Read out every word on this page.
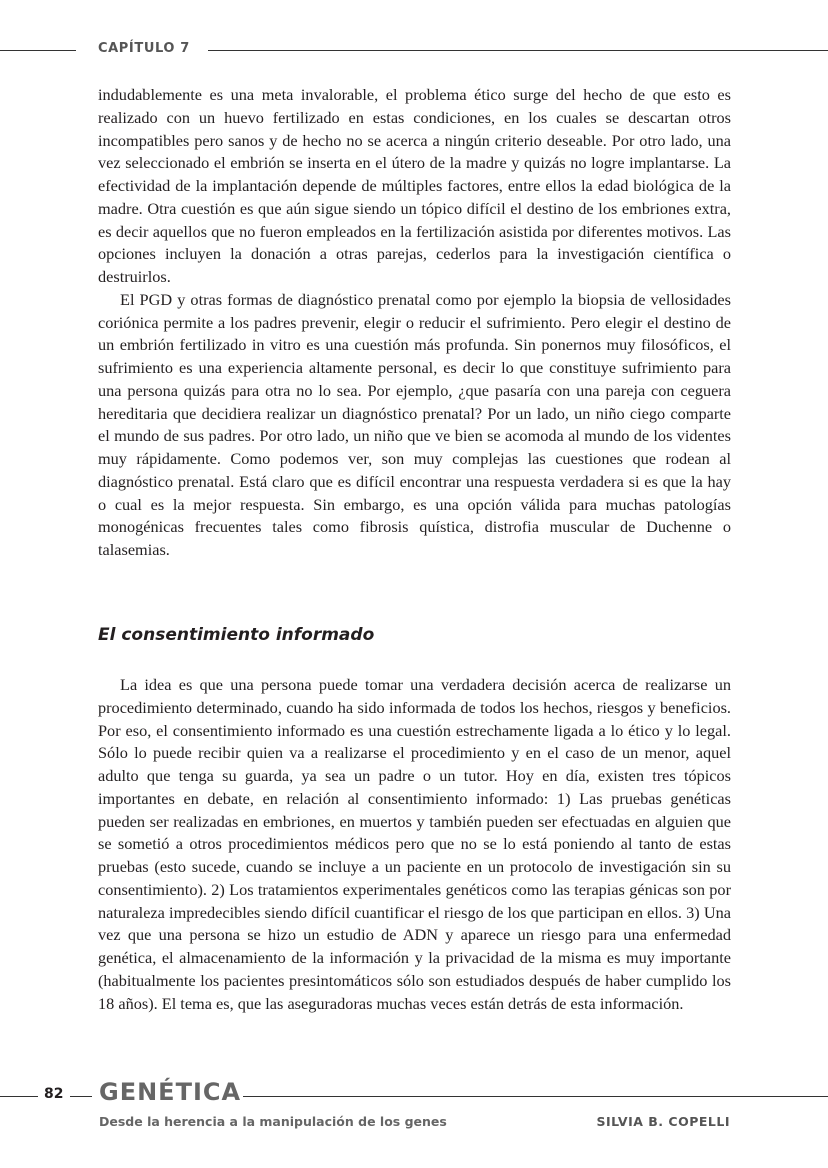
CAPÍTULO 7

indudablemente es una meta invalorable, el problema ético surge del hecho de que esto es realizado con un huevo fertilizado en estas condiciones, en los cuales se descartan otros incompatibles pero sanos y de hecho no se acerca a ningún criterio deseable. Por otro lado, una vez seleccionado el embrión se inserta en el útero de la madre y quizás no logre implantarse. La efectividad de la implantación depende de múltiples factores, entre ellos la edad biológica de la madre. Otra cuestión es que aún sigue siendo un tópico difícil el destino de los embriones extra, es decir aquellos que no fueron empleados en la fertilización asistida por diferentes motivos. Las opciones incluyen la donación a otras parejas, cederlos para la investigación científica o destruirlos.

El PGD y otras formas de diagnóstico prenatal como por ejemplo la biopsia de vellosidades coriónica permite a los padres prevenir, elegir o reducir el sufrimiento. Pero elegir el destino de un embrión fertilizado in vitro es una cuestión más profunda. Sin ponernos muy filosóficos, el sufrimiento es una experiencia altamente personal, es decir lo que constituye sufrimiento para una persona quizás para otra no lo sea. Por ejemplo, ¿que pasaría con una pareja con ceguera hereditaria que decidiera realizar un diagnóstico prenatal? Por un lado, un niño ciego comparte el mundo de sus padres. Por otro lado, un niño que ve bien se acomoda al mundo de los videntes muy rápidamente. Como podemos ver, son muy complejas las cuestiones que rodean al diagnóstico prenatal. Está claro que es difícil encontrar una respuesta verdadera si es que la hay o cual es la mejor respuesta. Sin embargo, es una opción válida para muchas patologías monogénicas frecuentes tales como fibrosis quística, distrofia muscular de Duchenne o talasemias.

El consentimiento informado

La idea es que una persona puede tomar una verdadera decisión acerca de realizarse un procedimiento determinado, cuando ha sido informada de todos los hechos, riesgos y beneficios. Por eso, el consentimiento informado es una cuestión estrechamente ligada a lo ético y lo legal. Sólo lo puede recibir quien va a realizarse el procedimiento y en el caso de un menor, aquel adulto que tenga su guarda, ya sea un padre o un tutor. Hoy en día, existen tres tópicos importantes en debate, en relación al consentimiento informado: 1) Las pruebas genéticas pueden ser realizadas en embriones, en muertos y también pueden ser efectuadas en alguien que se sometió a otros procedimientos médicos pero que no se lo está poniendo al tanto de estas pruebas (esto sucede, cuando se incluye a un paciente en un protocolo de investigación sin su consentimiento). 2) Los tratamientos experimentales genéticos como las terapias génicas son por naturaleza impredecibles siendo difícil cuantificar el riesgo de los que participan en ellos. 3) Una vez que una persona se hizo un estudio de ADN y aparece un riesgo para una enfermedad genética, el almacenamiento de la información y la privacidad de la misma es muy importante (habitualmente los pacientes presintomáticos sólo son estudiados después de haber cumplido los 18 años). El tema es, que las aseguradoras muchas veces están detrás de esta información.

82 GENÉTICA
Desde la herencia a la manipulación de los genes	SILVIA B. COPELLI
